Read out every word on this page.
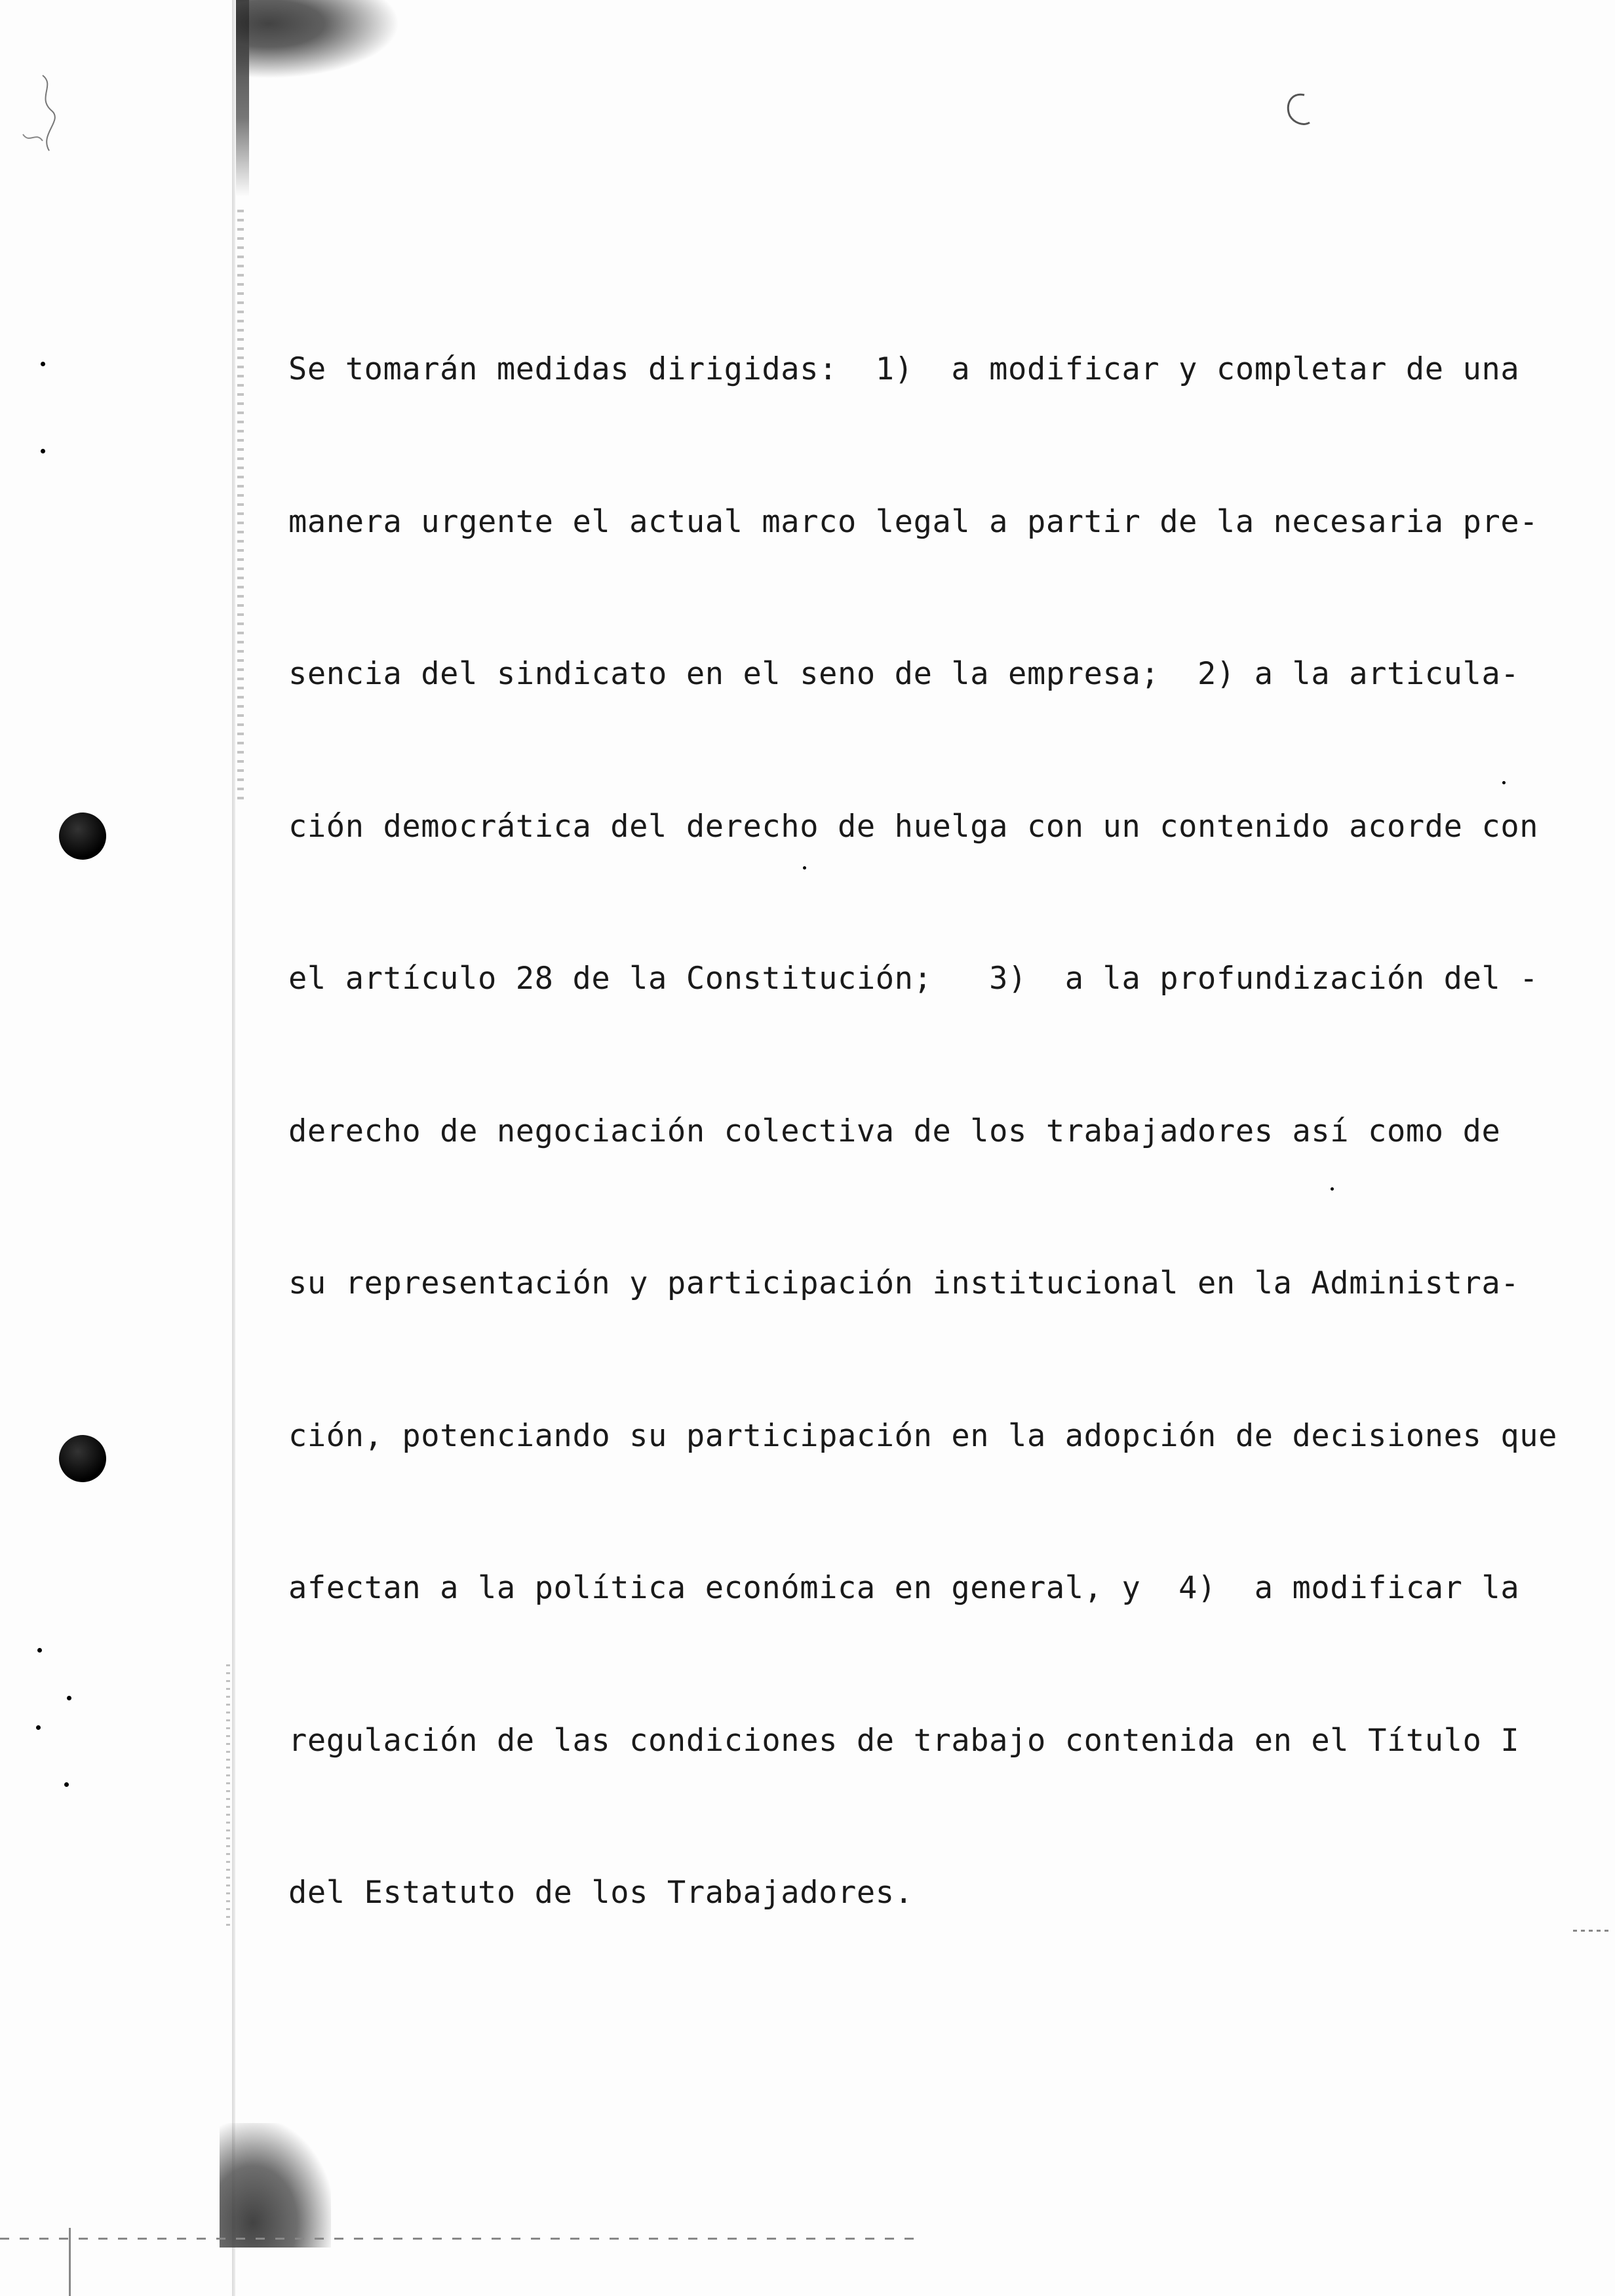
Se tomarán medidas dirigidas:  1)  a modificar y completar de una

manera urgente el actual marco legal a partir de la necesaria pre-

sencia del sindicato en el seno de la empresa;  2) a la articula-

ción democrática del derecho de huelga con un contenido acorde con

el artículo 28 de la Constitución;   3)  a la profundización del -

derecho de negociación colectiva de los trabajadores así como de

su representación y participación institucional en la Administra-

ción, potenciando su participación en la adopción de decisiones que

afectan a la política económica en general, y  4)  a modificar la

regulación de las condiciones de trabajo contenida en el Título I

del Estatuto de los Trabajadores.
